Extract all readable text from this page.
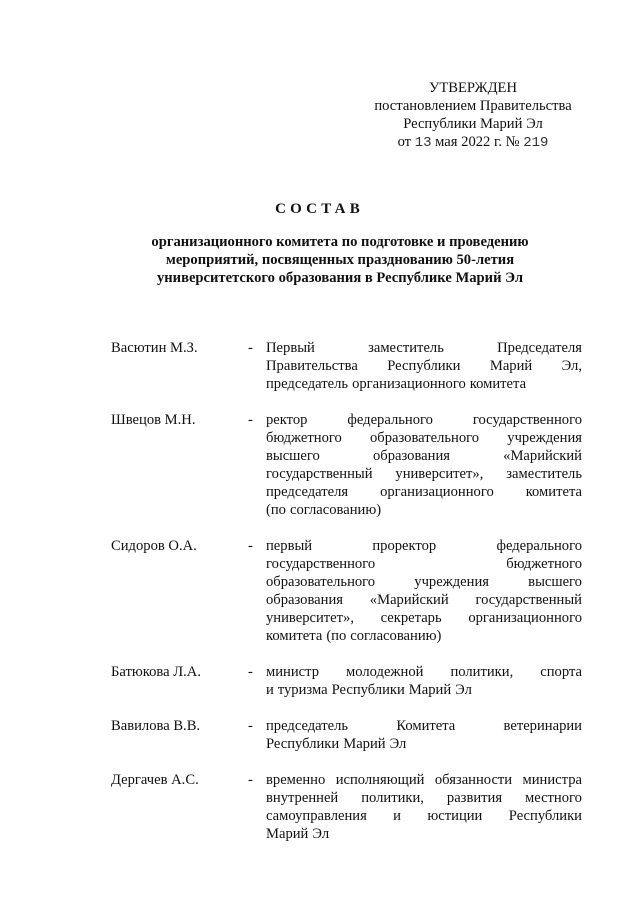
УТВЕРЖДЕН
постановлением Правительства
Республики Марий Эл
от 13 мая 2022 г. № 219
СОСТАВ
организационного комитета по подготовке и проведению
мероприятий, посвященных празднованию 50-летия
университетского образования в Республике Марий Эл
Васютин М.З.	- Первый	заместитель	Председателя
Правительства Республики Марий Эл,
председатель организационного комитета
Швецов М.Н.	- ректор	федерального	государственного
бюджетного образовательного учреждения
высшего	образования	«Марийский
государственный университет», заместитель
председателя организационного комитета
(по согласованию)
Сидоров О.А.	- первый	проректор	федерального
государственного	бюджетного
образовательного	учреждения	высшего
образования «Марийский государственный
университет», секретарь организационного
комитета (по согласованию)
Батюкова Л.А.	- министр молодежной политики, спорта
и туризма Республики Марий Эл
Вавилова В.В.	- председатель	Комитета	ветеринарии
Республики Марий Эл
Дергачев А.С.	- временно исполняющий обязанности министра
внутренней политики, развития местного
самоуправления и юстиции Республики
Марий Эл
